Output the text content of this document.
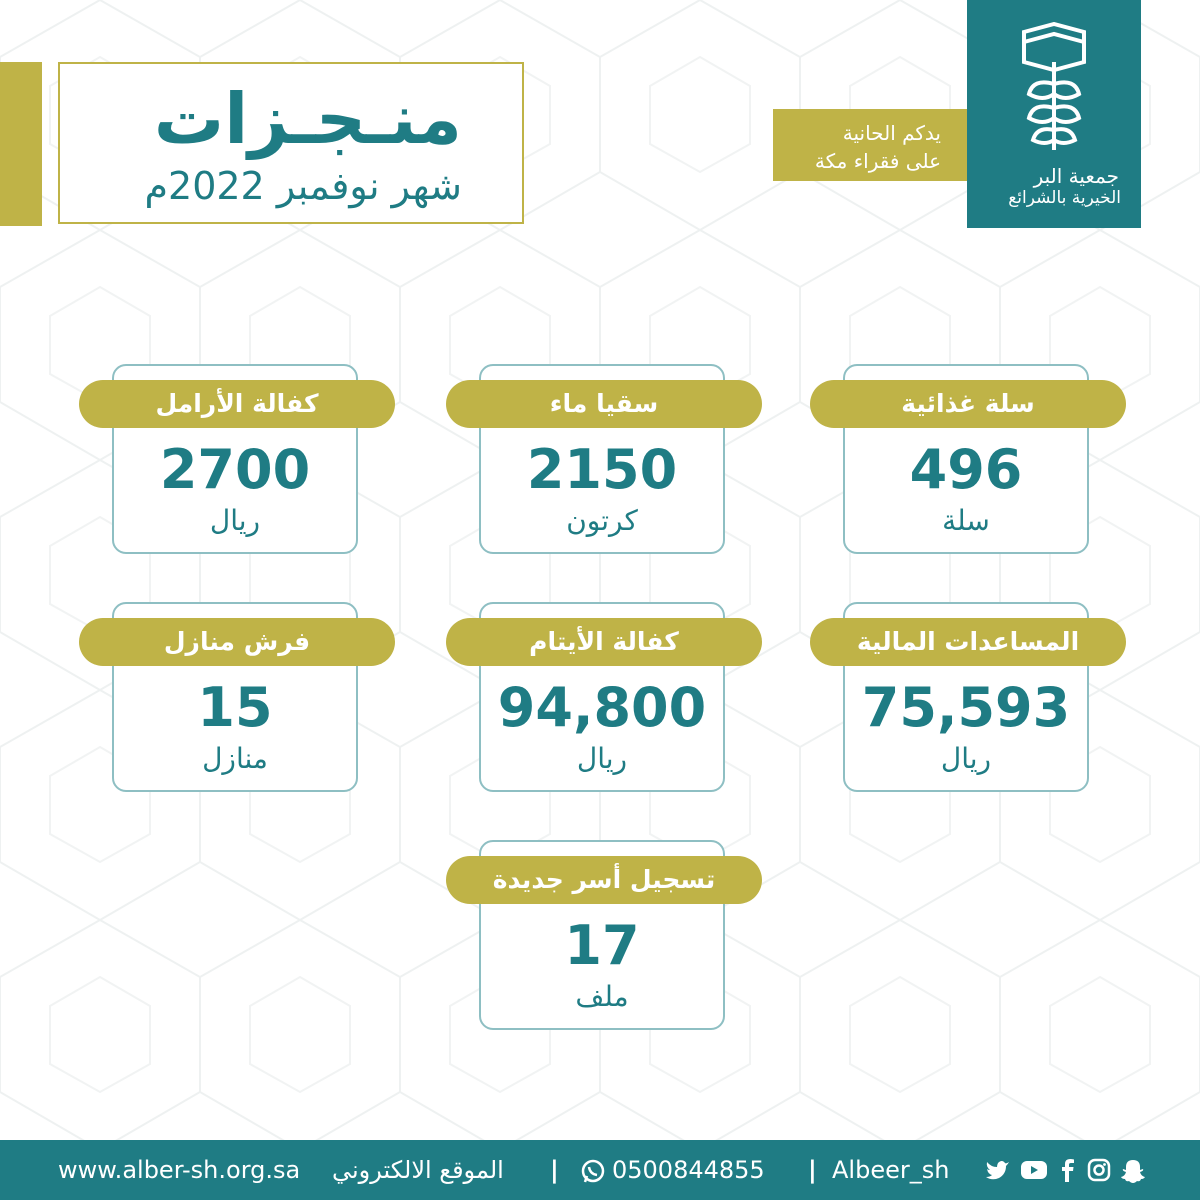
منـجـزات
شهر نوفمبر 2022م
يدكم الحانية
على فقراء مكة
جمعية البر
الخيرية بالشرائع
سلة غذائية
496
سلة
سقيا ماء
2150
كرتون
كفالة الأرامل
2700
ريال
المساعدات المالية
75,593
ريال
كفالة الأيتام
94,800
ريال
فرش منازل
15
منازل
تسجيل أسر جديدة
17
ملف
www.alber-sh.org.sa الموقع الالكتروني | 0500844855 | Albeer_sh
